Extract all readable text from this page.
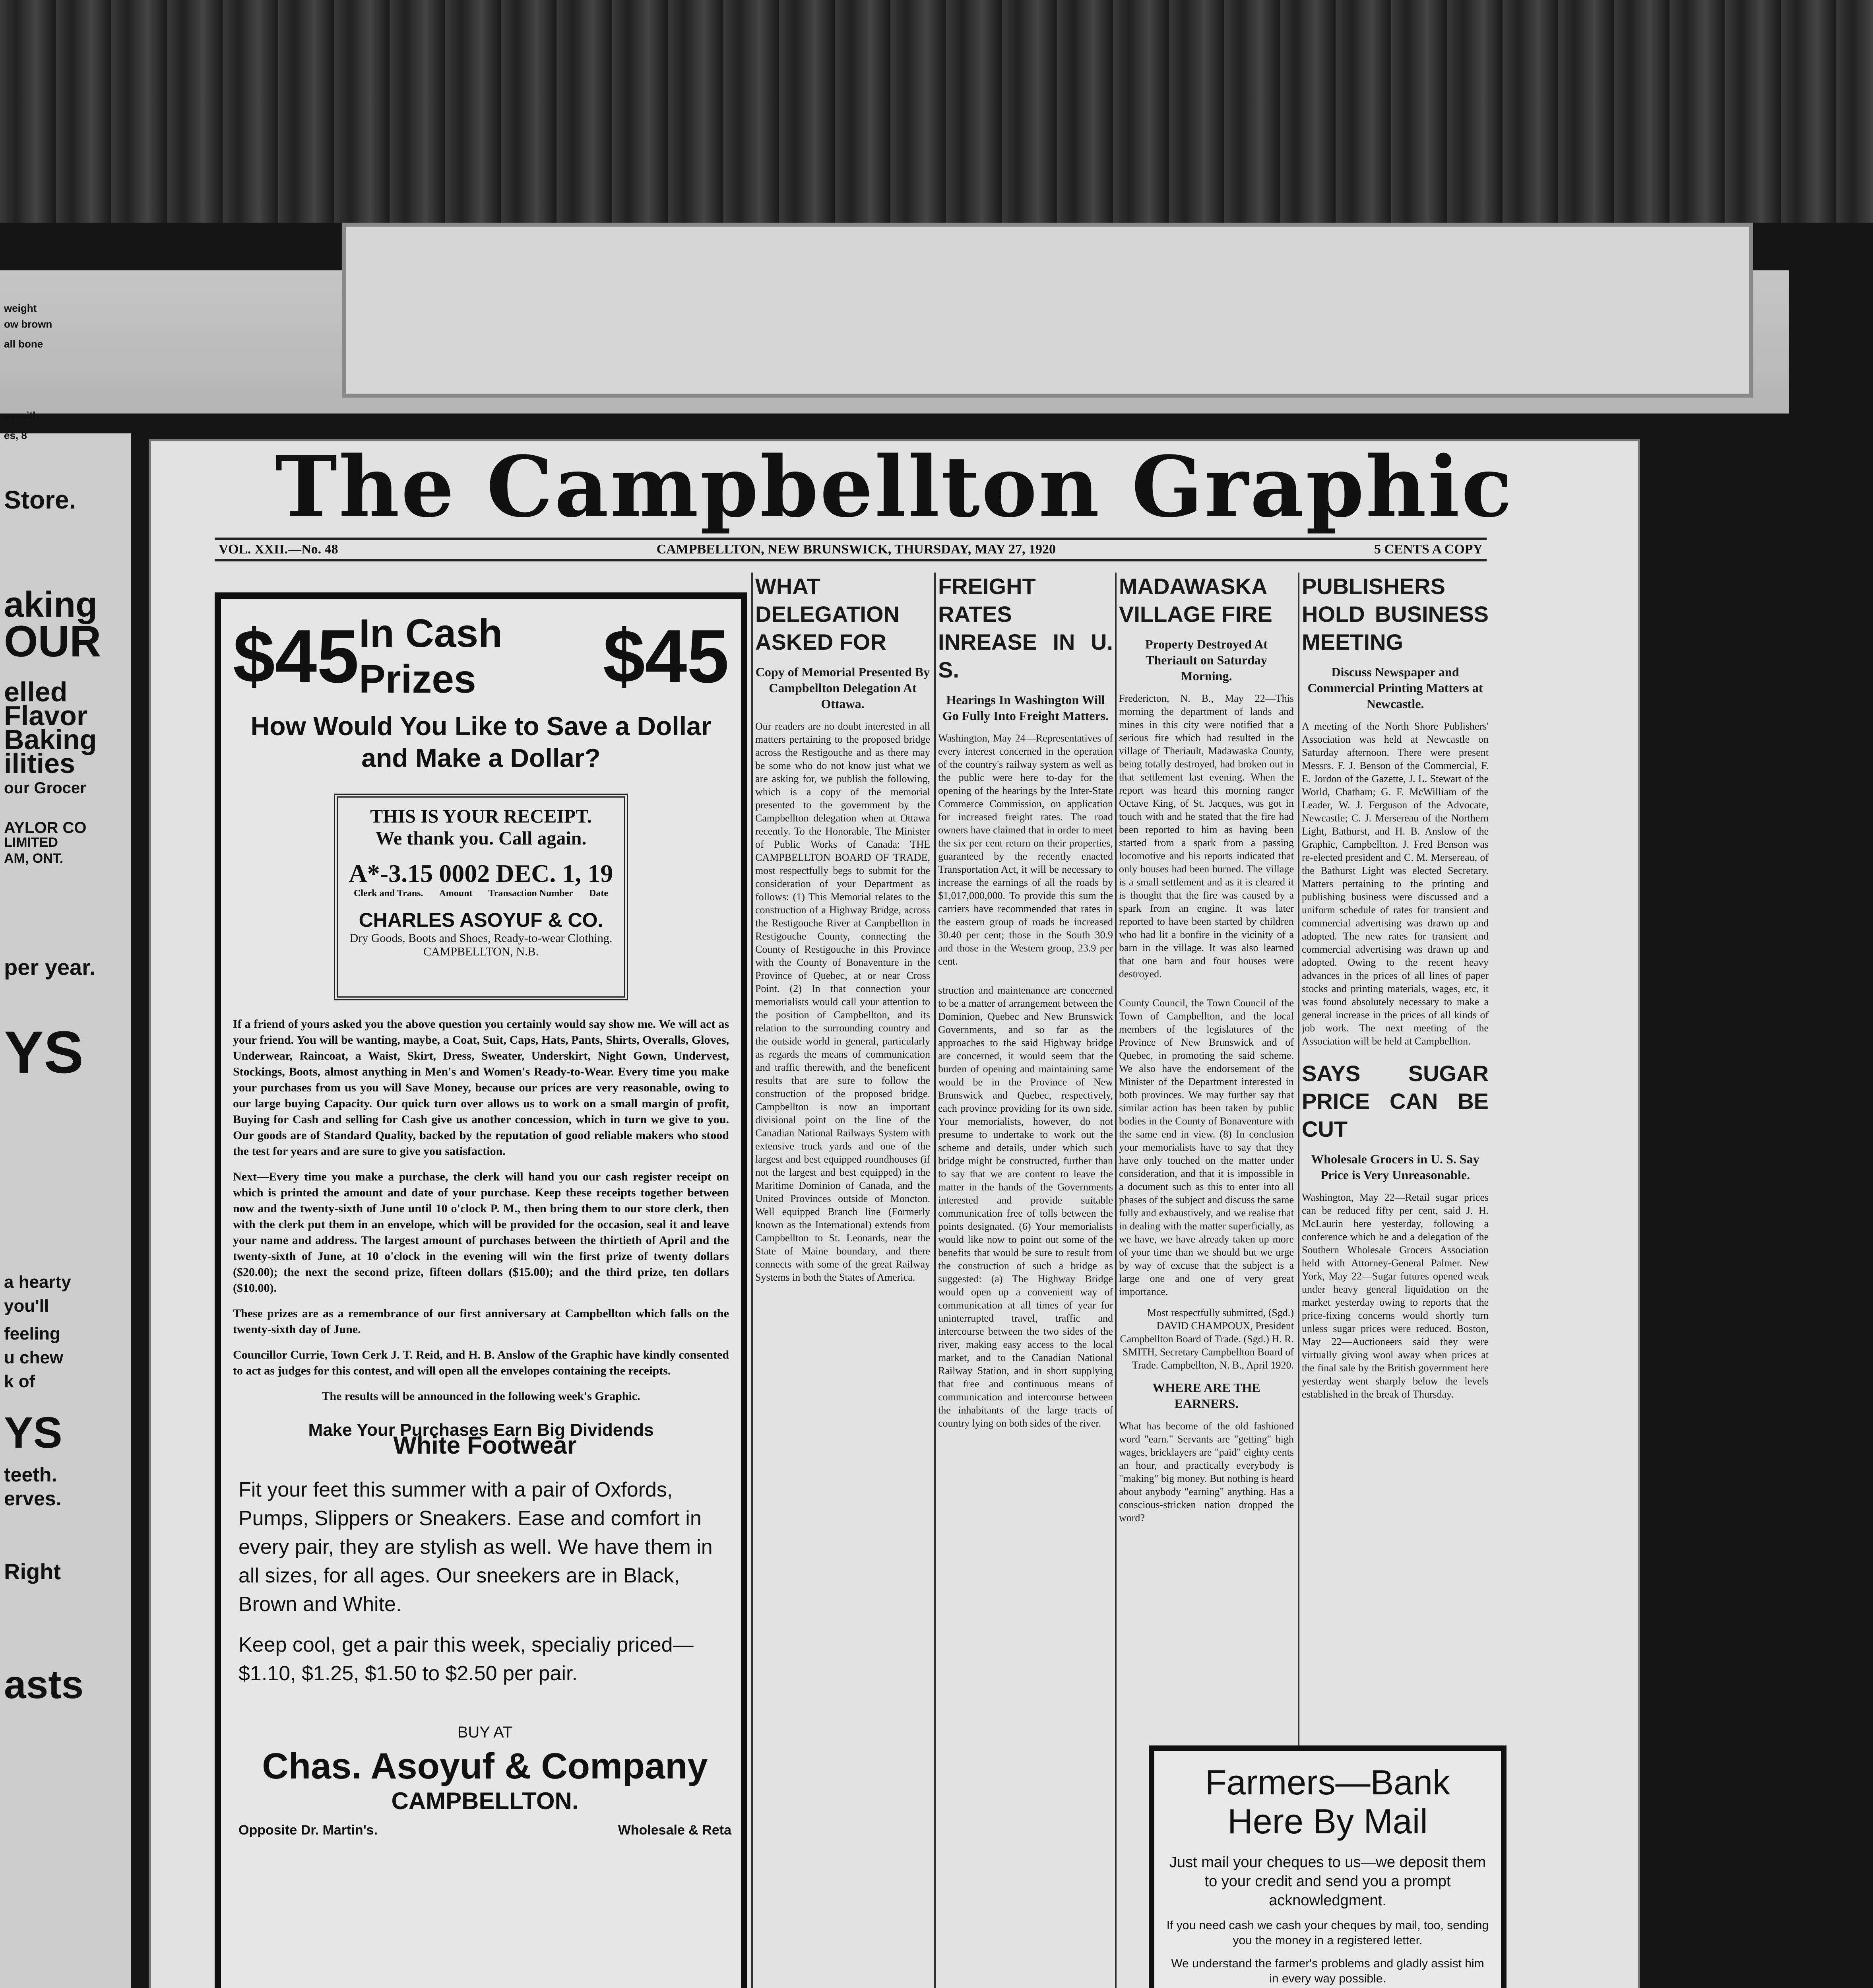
weight
ow brown
all bone
es with
es, 8
Store.
aking
OUR
elled
Flavor
Baking
ilities
our Grocer
AYLOR CO
LIMITED
AM, ONT.
per year.
YS
a hearty
you'll
feeling
u chew
k of
YS
teeth.
erves.
Right
asts
The Campbellton Graphic
VOL. XXII.—No. 48	CAMPBELLTON, NEW BRUNSWICK, THURSDAY, MAY 27, 1920	5 CENTS A COPY
$45 In Cash Prizes	$45
How Would You Like to Save a Dollar and Make a Dollar?
THIS IS YOUR RECEIPT.
We thank you. Call again.
A*-3.15 0002 DEC. 1, 19
Clerk and Trans. Amount Transaction Number Date
CHARLES ASOYUF & CO.
Dry Goods, Boots and Shoes, Ready-to-wear Clothing.
CAMPBELLTON, N.B.
If a friend of yours asked you the above question you certainly would say show me. We will act as your friend. You will be wanting, maybe, a Coat, Suit, Caps, Hats, Pants, Shirts, Overalls, Gloves, Underwear, Raincoat, a Waist, Skirt, Dress, Sweater, Underskirt, Night Gown, Undervest, Stockings, Boots, almost anything in Men's and Women's Ready-to-Wear. Every time you make your purchases from us you will Save Money, because our prices are very reasonable, owing to our large buying Capacity. Our quick turn over allows us to work on a small margin of profit, Buying for Cash and selling for Cash give us another concession, which in turn we give to you. Our goods are of Standard Quality, backed by the reputation of good reliable makers who stood the test for years and are sure to give you satisfaction.
Next—Every time you make a purchase, the clerk will hand you our cash register receipt on which is printed the amount and date of your purchase. Keep these receipts together between now and the twenty-sixth of June until 10 o'clock P. M., then bring them to our store clerk, then with the clerk put them in an envelope, which will be provided for the occasion, seal it and leave your name and address. The largest amount of purchases between the thirtieth of April and the twenty-sixth of June, at 10 o'clock in the evening will win the first prize of twenty dollars ($20.00); the next the second prize, fifteen dollars ($15.00); and the third prize, ten dollars ($10.00).
These prizes are as a remembrance of our first anniversary at Campbellton which falls on the twenty-sixth day of June.
Councillor Currie, Town Cerk J. T. Reid, and H. B. Anslow of the Graphic have kindly consented to act as judges for this contest, and will open all the envelopes containing the receipts.
The results will be announced in the following week's Graphic.
Make Your Purchases Earn Big Dividends
White Footwear
Fit your feet this summer with a pair of Oxfords, Pumps, Slippers or Sneakers. Ease and comfort in every pair, they are stylish as well. We have them in all sizes, for all ages. Our sneekers are in Black, Brown and White.
Keep cool, get a pair this week, specialiy priced—$1.10, $1.25, $1.50 to $2.50 per pair.
BUY AT
Chas. Asoyuf & Company
CAMPBELLTON.
Opposite Dr. Martin's.	Wholesale & Reta
WHAT DELEGATION ASKED FOR
Copy of Memorial Presented By Campbellton Delegation At Ottawa.
Our readers are no doubt interested in all matters pertaining to the proposed bridge across the Restigouche and as there may be some who do not know just what we are asking for, we publish the following, which is a copy of the memorial presented to the government by the Campbellton delegation when at Ottawa recently. To the Honorable, The Minister of Public Works of Canada: THE CAMPBELLTON BOARD OF TRADE, most respectfully begs to submit for the consideration of your Department as follows: (1) This Memorial relates to the construction of a Highway Bridge, across the Restigouche River at Campbellton in Restigouche County, connecting the County of Restigouche in this Province with the County of Bonaventure in the Province of Quebec, at or near Cross Point. (2) In that connection your memorialists would call your attention to the position of Campbellton, and its relation to the surrounding country and the outside world in general, particularly as regards the means of communication and traffic therewith, and the beneficent results that are sure to follow the construction of the proposed bridge. Campbellton is now an important divisional point on the line of the Canadian National Railways System with extensive truck yards and one of the largest and best equipped roundhouses (if not the largest and best equipped) in the Maritime Dominion of Canada, and the United Provinces outside of Moncton. Well equipped Branch line (Formerly known as the International) extends from Campbellton to St. Leonards, near the State of Maine boundary, and there connects with some of the great Railway Systems in both the States of America.
FREIGHT RATES INREASE IN U. S.
Hearings In Washington Will Go Fully Into Freight Matters.
Washington, May 24—Representatives of every interest concerned in the operation of the country's railway system as well as the public were here to-day for the opening of the hearings by the Inter-State Commerce Commission, on application for increased freight rates. The road owners have claimed that in order to meet the six per cent return on their properties, guaranteed by the recently enacted Transportation Act, it will be necessary to increase the earnings of all the roads by $1,017,000,000. To provide this sum the carriers have recommended that rates in the eastern group of roads be increased 30.40 per cent; those in the South 30.9 and those in the Western group, 23.9 per cent.
struction and maintenance are concerned to be a matter of arrangement between the Dominion, Quebec and New Brunswick Governments, and so far as the approaches to the said Highway bridge are concerned, it would seem that the burden of opening and maintaining same would be in the Province of New Brunswick and Quebec, respectively, each province providing for its own side. Your memorialists, however, do not presume to undertake to work out the scheme and details, under which such bridge might be constructed, further than to say that we are content to leave the matter in the hands of the Governments interested and provide suitable communication free of tolls between the points designated. (6) Your memorialists would like now to point out some of the benefits that would be sure to result from the construction of such a bridge as suggested: (a) The Highway Bridge would open up a convenient way of communication at all times of year for uninterrupted travel, traffic and intercourse between the two sides of the river, making easy access to the local market, and to the Canadian National Railway Station, and in short supplying that free and continuous means of communication and intercourse between the inhabitants of the large tracts of country lying on both sides of the river.
MADAWASKA VILLAGE FIRE
Property Destroyed At Theriault on Saturday Morning.
Fredericton, N. B., May 22—This morning the department of lands and mines in this city were notified that a serious fire which had resulted in the village of Theriault, Madawaska County, being totally destroyed, had broken out in that settlement last evening. When the report was heard this morning ranger Octave King, of St. Jacques, was got in touch with and he stated that the fire had been reported to him as having been started from a spark from a passing locomotive and his reports indicated that only houses had been burned. The village is a small settlement and as it is cleared it is thought that the fire was caused by a spark from an engine. It was later reported to have been started by children who had lit a bonfire in the vicinity of a barn in the village. It was also learned that one barn and four houses were destroyed.
County Council, the Town Council of the Town of Campbellton, and the local members of the legislatures of the Province of New Brunswick and of Quebec, in promoting the said scheme. We also have the endorsement of the Minister of the Department interested in both provinces. We may further say that similar action has been taken by public bodies in the County of Bonaventure with the same end in view. (8) In conclusion your memorialists have to say that they have only touched on the matter under consideration, and that it is impossible in a document such as this to enter into all phases of the subject and discuss the same fully and exhaustively, and we realise that in dealing with the matter superficially, as we have, we have already taken up more of your time than we should but we urge by way of excuse that the subject is a large one and one of very great importance.
Most respectfully submitted, (Sgd.) DAVID CHAMPOUX, President Campbellton Board of Trade. (Sgd.) H. R. SMITH, Secretary Campbellton Board of Trade. Campbellton, N. B., April 1920.
WHERE ARE THE EARNERS.
What has become of the old fashioned word "earn." Servants are "getting" high wages, bricklayers are "paid" eighty cents an hour, and practically everybody is "making" big money. But nothing is heard about anybody "earning" anything. Has a conscious-stricken nation dropped the word?
PUBLISHERS HOLD BUSINESS MEETING
Discuss Newspaper and Commercial Printing Matters at Newcastle.
A meeting of the North Shore Publishers' Association was held at Newcastle on Saturday afternoon. There were present Messrs. F. J. Benson of the Commercial, F. E. Jordon of the Gazette, J. L. Stewart of the World, Chatham; G. F. McWilliam of the Leader, W. J. Ferguson of the Advocate, Newcastle; C. J. Mersereau of the Northern Light, Bathurst, and H. B. Anslow of the Graphic, Campbellton. J. Fred Benson was re-elected president and C. M. Mersereau, of the Bathurst Light was elected Secretary. Matters pertaining to the printing and publishing business were discussed and a uniform schedule of rates for transient and commercial advertising was drawn up and adopted. The new rates for transient and commercial advertising was drawn up and adopted. Owing to the recent heavy advances in the prices of all lines of paper stocks and printing materials, wages, etc, it was found absolutely necessary to make a general increase in the prices of all kinds of job work. The next meeting of the Association will be held at Campbellton.
SAYS SUGAR PRICE CAN BE CUT
Wholesale Grocers in U. S. Say Price is Very Unreasonable.
Washington, May 22—Retail sugar prices can be reduced fifty per cent, said J. H. McLaurin here yesterday, following a conference which he and a delegation of the Southern Wholesale Grocers Association held with Attorney-General Palmer. New York, May 22—Sugar futures opened weak under heavy general liquidation on the market yesterday owing to reports that the price-fixing concerns would shortly turn unless sugar prices were reduced. Boston, May 22—Auctioneers said they were virtually giving wool away when prices at the final sale by the British government here yesterday went sharply below the levels established in the break of Thursday.
Farmers—Bank Here By Mail
Just mail your cheques to us—we deposit them to your credit and send you a prompt acknowledgment.
If you need cash we cash your cheques by mail, too, sending you the money in a registered letter.
We understand the farmer's problems and gladly assist him in every way possible.
